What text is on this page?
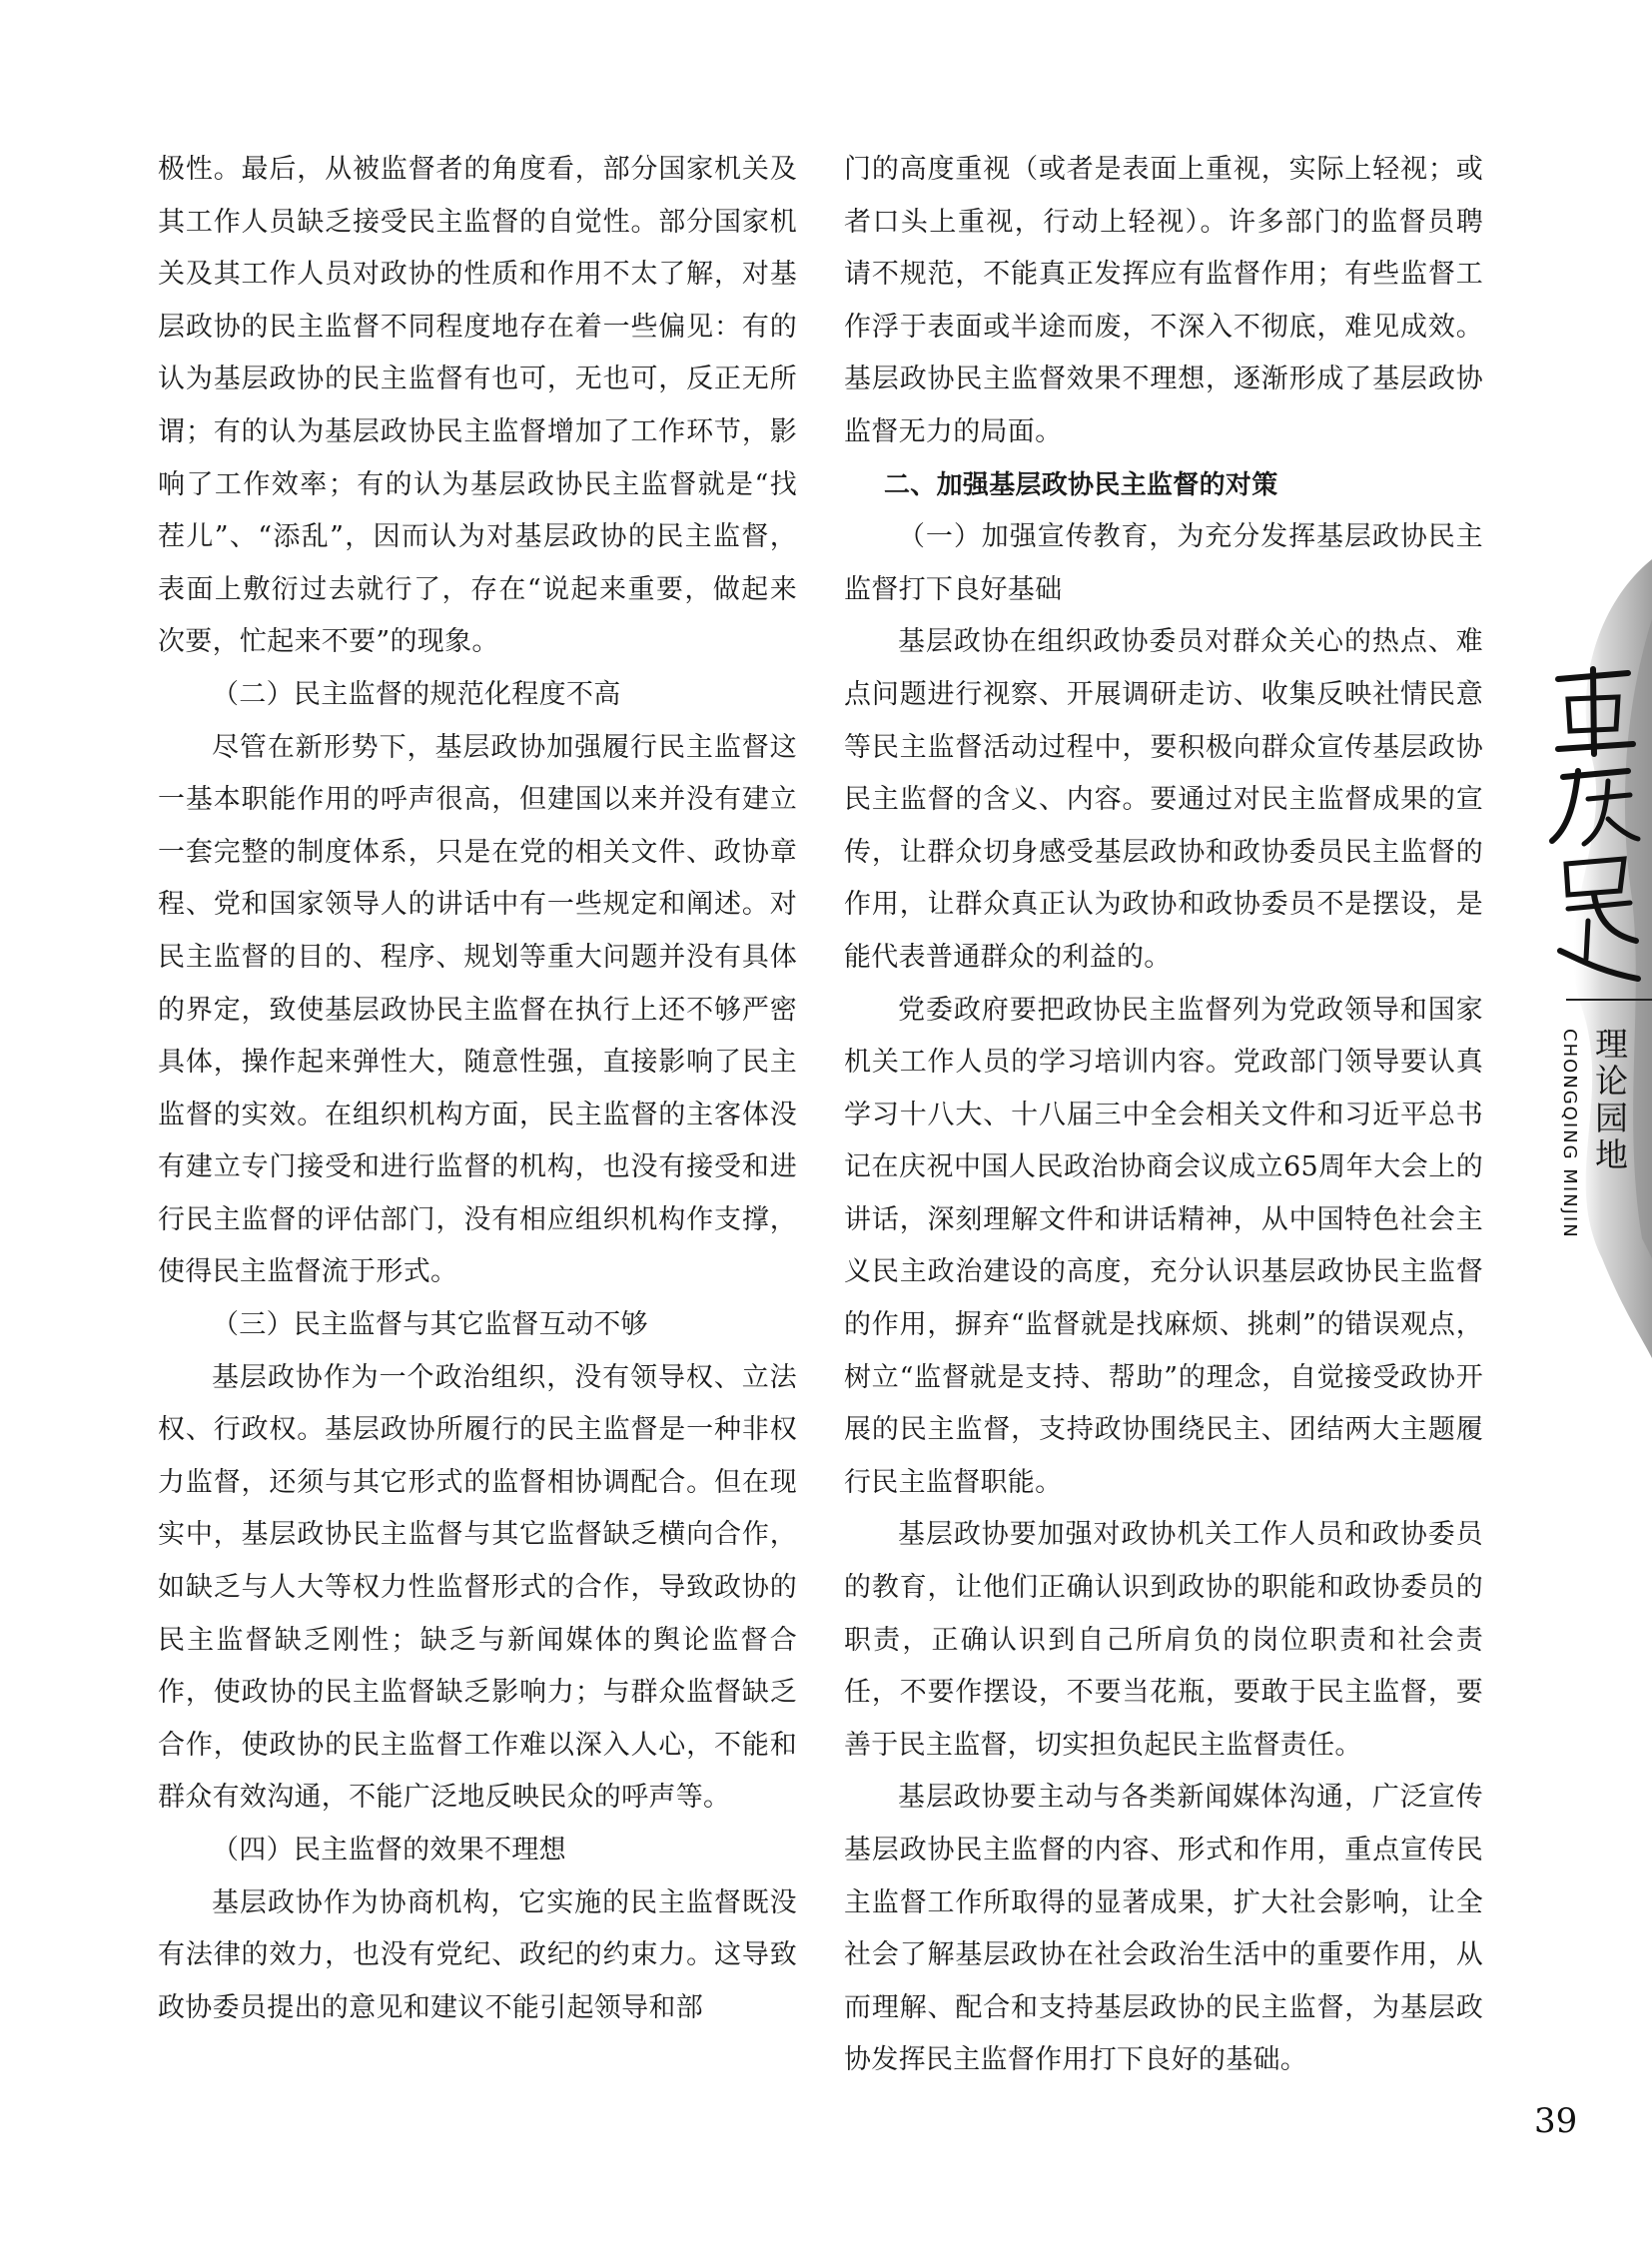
极性。最后，从被监督者的角度看，部分国家机关及其工作人员缺乏接受民主监督的自觉性。部分国家机关及其工作人员对政协的性质和作用不太了解，对基层政协的民主监督不同程度地存在着一些偏见：有的认为基层政协的民主监督有也可，无也可，反正无所谓；有的认为基层政协民主监督增加了工作环节，影响了工作效率；有的认为基层政协民主监督就是“找茬儿”、“添乱”，因而认为对基层政协的民主监督，表面上敷衍过去就行了，存在“说起来重要，做起来次要，忙起来不要”的现象。

（二）民主监督的规范化程度不高

尽管在新形势下，基层政协加强履行民主监督这一基本职能作用的呼声很高，但建国以来并没有建立一套完整的制度体系，只是在党的相关文件、政协章程、党和国家领导人的讲话中有一些规定和阐述。对民主监督的目的、程序、规划等重大问题并没有具体的界定，致使基层政协民主监督在执行上还不够严密具体，操作起来弹性大，随意性强，直接影响了民主监督的实效。在组织机构方面，民主监督的主客体没有建立专门接受和进行监督的机构，也没有接受和进行民主监督的评估部门，没有相应组织机构作支撑，使得民主监督流于形式。

（三）民主监督与其它监督互动不够

基层政协作为一个政治组织，没有领导权、立法权、行政权。基层政协所履行的民主监督是一种非权力监督，还须与其它形式的监督相协调配合。但在现实中，基层政协民主监督与其它监督缺乏横向合作，如缺乏与人大等权力性监督形式的合作，导致政协的民主监督缺乏刚性；缺乏与新闻媒体的舆论监督合作，使政协的民主监督缺乏影响力；与群众监督缺乏合作，使政协的民主监督工作难以深入人心，不能和群众有效沟通，不能广泛地反映民众的呼声等。

（四）民主监督的效果不理想

基层政协作为协商机构，它实施的民主监督既没有法律的效力，也没有党纪、政纪的约束力。这导致政协委员提出的意见和建议不能引起领导和部

门的高度重视（或者是表面上重视，实际上轻视；或者口头上重视，行动上轻视）。许多部门的监督员聘请不规范，不能真正发挥应有监督作用；有些监督工作浮于表面或半途而废，不深入不彻底，难见成效。基层政协民主监督效果不理想，逐渐形成了基层政协监督无力的局面。

二、加强基层政协民主监督的对策

（一）加强宣传教育，为充分发挥基层政协民主监督打下良好基础

基层政协在组织政协委员对群众关心的热点、难点问题进行视察、开展调研走访、收集反映社情民意等民主监督活动过程中，要积极向群众宣传基层政协民主监督的含义、内容。要通过对民主监督成果的宣传，让群众切身感受基层政协和政协委员民主监督的作用，让群众真正认为政协和政协委员不是摆设，是能代表普通群众的利益的。

党委政府要把政协民主监督列为党政领导和国家机关工作人员的学习培训内容。党政部门领导要认真学习十八大、十八届三中全会相关文件和习近平总书记在庆祝中国人民政治协商会议成立65周年大会上的讲话，深刻理解文件和讲话精神，从中国特色社会主义民主政治建设的高度，充分认识基层政协民主监督的作用，摒弃“监督就是找麻烦、挑刺”的错误观点，树立“监督就是支持、帮助”的理念，自觉接受政协开展的民主监督，支持政协围绕民主、团结两大主题履行民主监督职能。

基层政协要加强对政协机关工作人员和政协委员的教育，让他们正确认识到政协的职能和政协委员的职责，正确认识到自己所肩负的岗位职责和社会责任，不要作摆设，不要当花瓶，要敢于民主监督，要善于民主监督，切实担负起民主监督责任。

基层政协要主动与各类新闻媒体沟通，广泛宣传基层政协民主监督的内容、形式和作用，重点宣传民主监督工作所取得的显著成果，扩大社会影响，让全社会了解基层政协在社会政治生活中的重要作用，从而理解、配合和支持基层政协的民主监督，为基层政协发挥民主监督作用打下良好的基础。

CHONGQING MINJIN 理论园地
39
